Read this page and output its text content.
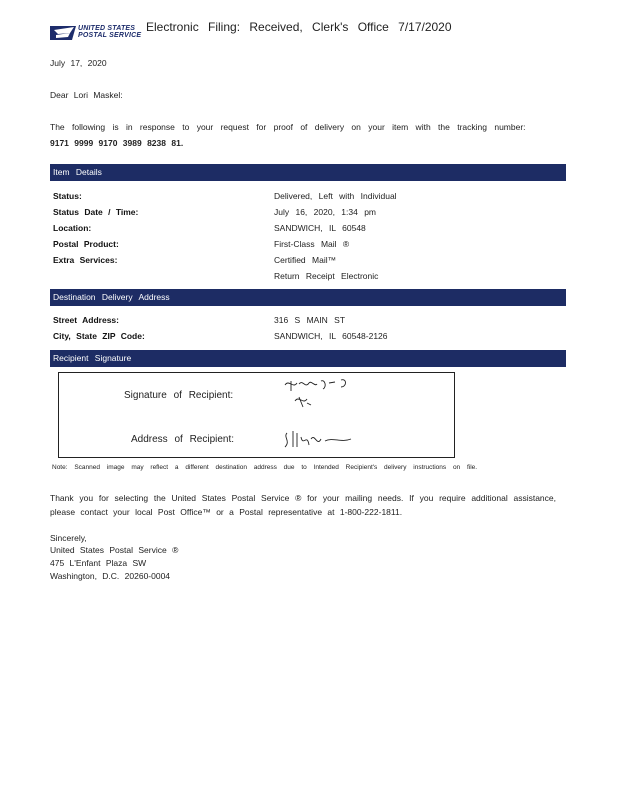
UNITED STATES
POSTAL SERVICE
Electronic Filing: Received, Clerk's Office 7/17/2020
July 17, 2020
Dear Lori Maskel:
The following is in response to your request for proof of delivery on your item with the tracking number:
9171 9999 9170 3989 8238 81.
Item Details
Status:	Delivered, Left with Individual
Status Date / Time:	July 16, 2020, 1:34 pm
Location:	SANDWICH, IL 60548
Postal Product:	First-Class Mail ®
Extra Services:	Certified Mail™
Return Receipt Electronic
Destination Delivery Address
Street Address:	316 S MAIN ST
City, State ZIP Code:	SANDWICH, IL 60548-2126
Recipient Signature
Signature of Recipient:
Address of Recipient:
Note: Scanned image may reflect a different destination address due to Intended Recipient's delivery instructions on file.
Thank you for selecting the United States Postal Service ® for your mailing needs. If you require additional assistance, please contact your local Post Office™ or a Postal representative at 1-800-222-1811.
Sincerely,
United States Postal Service ®
475 L'Enfant Plaza SW
Washington, D.C. 20260-0004
